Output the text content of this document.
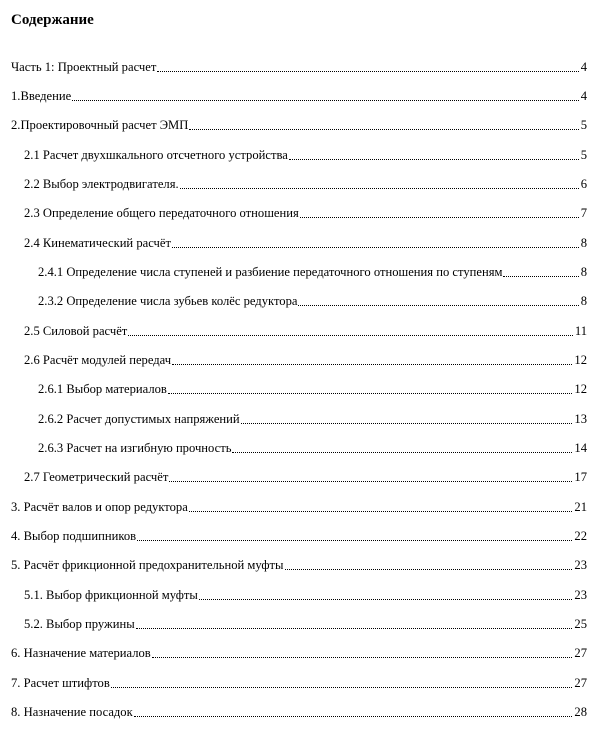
Содержание
Часть 1: Проектный расчет	4
1.Введение	4
2.Проектировочный расчет ЭМП	5
2.1 Расчет двухшкального отсчетного устройства	5
2.2 Выбор электродвигателя.	6
2.3 Определение общего передаточного отношения	7
2.4 Кинематический расчёт	8
2.4.1 Определение числа ступеней и разбиение передаточного отношения по ступеням	8
2.3.2 Определение числа зубьев колёс редуктора	8
2.5 Силовой расчёт	11
2.6 Расчёт модулей передач	12
2.6.1 Выбор материалов	12
2.6.2 Расчет допустимых напряжений	13
2.6.3 Расчет на изгибную прочность	14
2.7 Геометрический расчёт	17
3. Расчёт валов и опор редуктора	21
4. Выбор подшипников	22
5. Расчёт фрикционной предохранительной муфты	23
5.1. Выбор фрикционной муфты	23
5.2. Выбор пружины	25
6. Назначение материалов	27
7. Расчет штифтов	27
8. Назначение посадок	28
